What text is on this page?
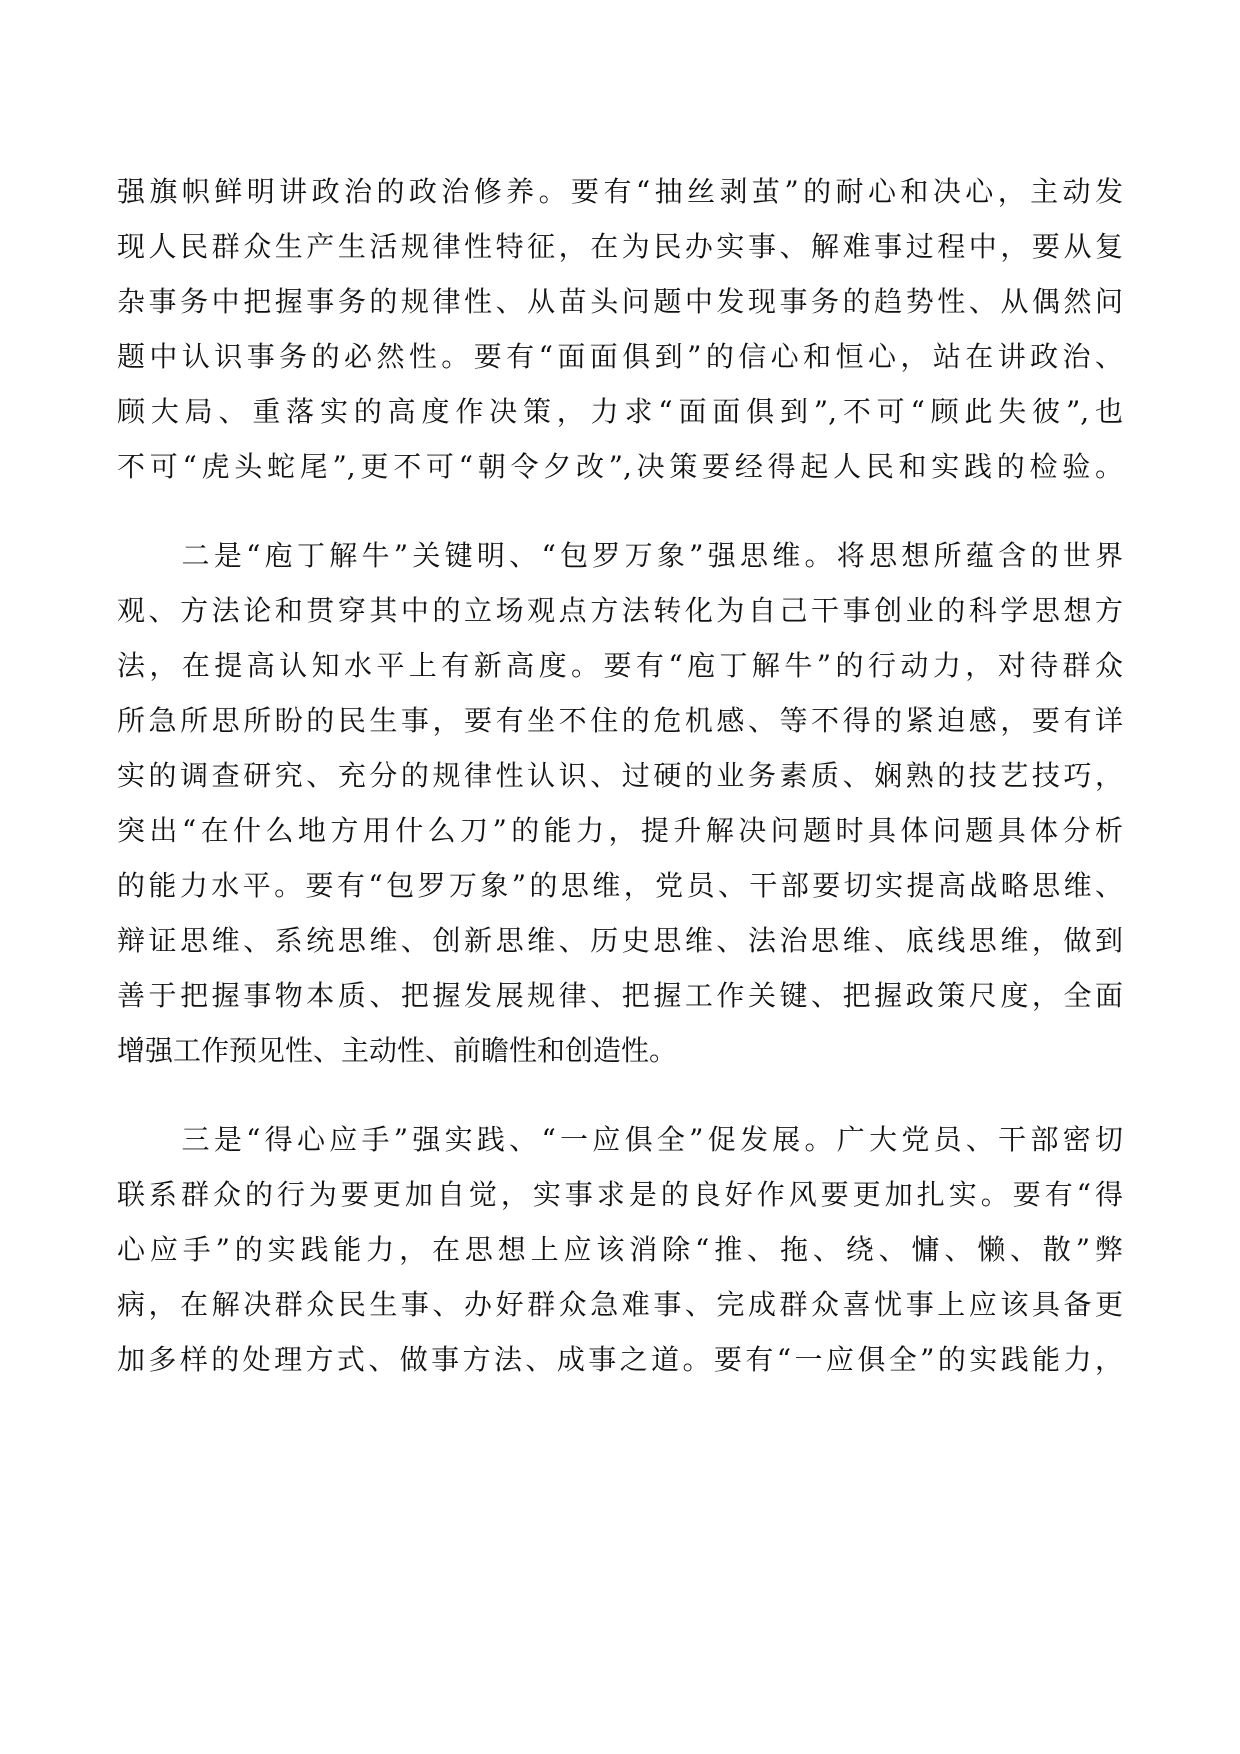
强旗帜鲜明讲政治的政治修养。要有“抽丝剥茧”的耐心和决心，主动发
现人民群众生产生活规律性特征，在为民办实事、解难事过程中，要从复
杂事务中把握事务的规律性、从苗头问题中发现事务的趋势性、从偶然问
题中认识事务的必然性。要有“面面俱到”的信心和恒心，站在讲政治、
顾大局、重落实的高度作决策，力求“面面俱到”,不可“顾此失彼”,也
不可“虎头蛇尾”,更不可“朝令夕改”,决策要经得起人民和实践的检验。
　　二是“庖丁解牛”关键明、“包罗万象”强思维。将思想所蕴含的世界
观、方法论和贯穿其中的立场观点方法转化为自己干事创业的科学思想方
法，在提高认知水平上有新高度。要有“庖丁解牛”的行动力，对待群众
所急所思所盼的民生事，要有坐不住的危机感、等不得的紧迫感，要有详
实的调查研究、充分的规律性认识、过硬的业务素质、娴熟的技艺技巧，
突出“在什么地方用什么刀”的能力，提升解决问题时具体问题具体分析
的能力水平。要有“包罗万象”的思维，党员、干部要切实提高战略思维、
辩证思维、系统思维、创新思维、历史思维、法治思维、底线思维，做到
善于把握事物本质、把握发展规律、把握工作关键、把握政策尺度，全面
增强工作预见性、主动性、前瞻性和创造性。
　　三是“得心应手”强实践、“一应俱全”促发展。广大党员、干部密切
联系群众的行为要更加自觉，实事求是的良好作风要更加扎实。要有“得
心应手”的实践能力，在思想上应该消除“推、拖、绕、慵、懒、散”弊
病，在解决群众民生事、办好群众急难事、完成群众喜忧事上应该具备更
加多样的处理方式、做事方法、成事之道。要有“一应俱全”的实践能力，
